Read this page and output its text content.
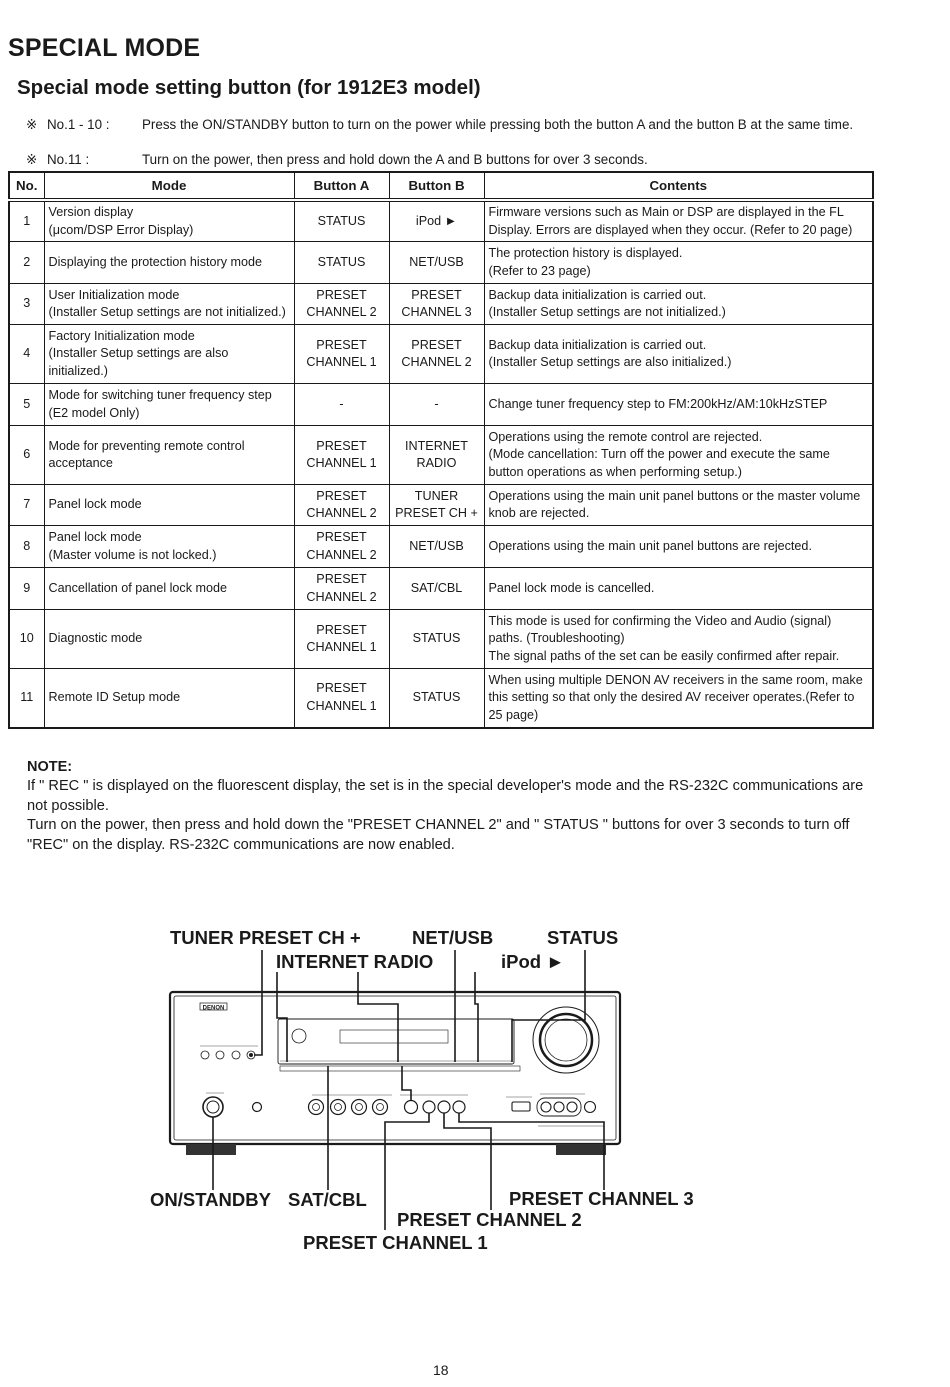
SPECIAL MODE
Special mode setting button (for 1912E3 model)
※ No.1 - 10 : Press the ON/STANDBY button to turn on the power while pressing both the button A and the button B at the same time.
※ No.11 :	Turn on the power, then press and hold down the A and B buttons for over 3 seconds.
No.	Mode	Button A	Button B	Contents
1	Version display
(μcom/DSP Error Display)	STATUS	iPod ►	Firmware versions such as Main or DSP are displayed in the FL Display. Errors are displayed when they occur. (Refer to 20 page)
2	Displaying the protection history mode	STATUS	NET/USB	The protection history is displayed.
(Refer to 23 page)
3	User Initialization mode
(Installer Setup settings are not initialized.)	PRESET
CHANNEL 2	PRESET
CHANNEL 3	Backup data initialization is carried out.
(Installer Setup settings are not initialized.)
4	Factory Initialization mode
(Installer Setup settings are also initialized.)	PRESET
CHANNEL 1	PRESET
CHANNEL 2	Backup data initialization is carried out.
(Installer Setup settings are also initialized.)
5	Mode for switching tuner frequency step
(E2 model Only)	-	-	Change tuner frequency step to FM:200kHz/AM:10kHzSTEP
6	Mode for preventing remote control acceptance	PRESET
CHANNEL 1	INTERNET
RADIO	Operations using the remote control are rejected.
(Mode cancellation: Turn off the power and execute the same button operations as when performing setup.)
7	Panel lock mode	PRESET
CHANNEL 2	TUNER
PRESET CH +	Operations using the main unit panel buttons or the master volume knob are rejected.
8	Panel lock mode
(Master volume is not locked.)	PRESET
CHANNEL 2	NET/USB	Operations using the main unit panel buttons are rejected.
9	Cancellation of panel lock mode	PRESET
CHANNEL 2	SAT/CBL	Panel lock mode is cancelled.
10	Diagnostic mode	PRESET
CHANNEL 1	STATUS	This mode is used for confirming the Video and Audio (signal) paths. (Troubleshooting)
The signal paths of the set can be easily confirmed after repair.
11	Remote ID Setup mode	PRESET
CHANNEL 1	STATUS	When using multiple DENON AV receivers in the same room, make this setting so that only the desired AV receiver operates.(Refer to 25 page)
NOTE:
If " REC " is displayed on the fluorescent display, the set is in the special developer's mode and the RS-232C communications are not possible.
Turn on the power, then press and hold down the "PRESET CHANNEL 2" and " STATUS " buttons for over 3 seconds to turn off "REC" on the display. RS-232C communications are now enabled.
DENON
TUNER PRESET CH +	NET/USB	STATUS
INTERNET RADIO	iPod ►
ON/STANDBY SAT/CBL	PRESET CHANNEL 3
PRESET CHANNEL 2
PRESET CHANNEL 1
18
